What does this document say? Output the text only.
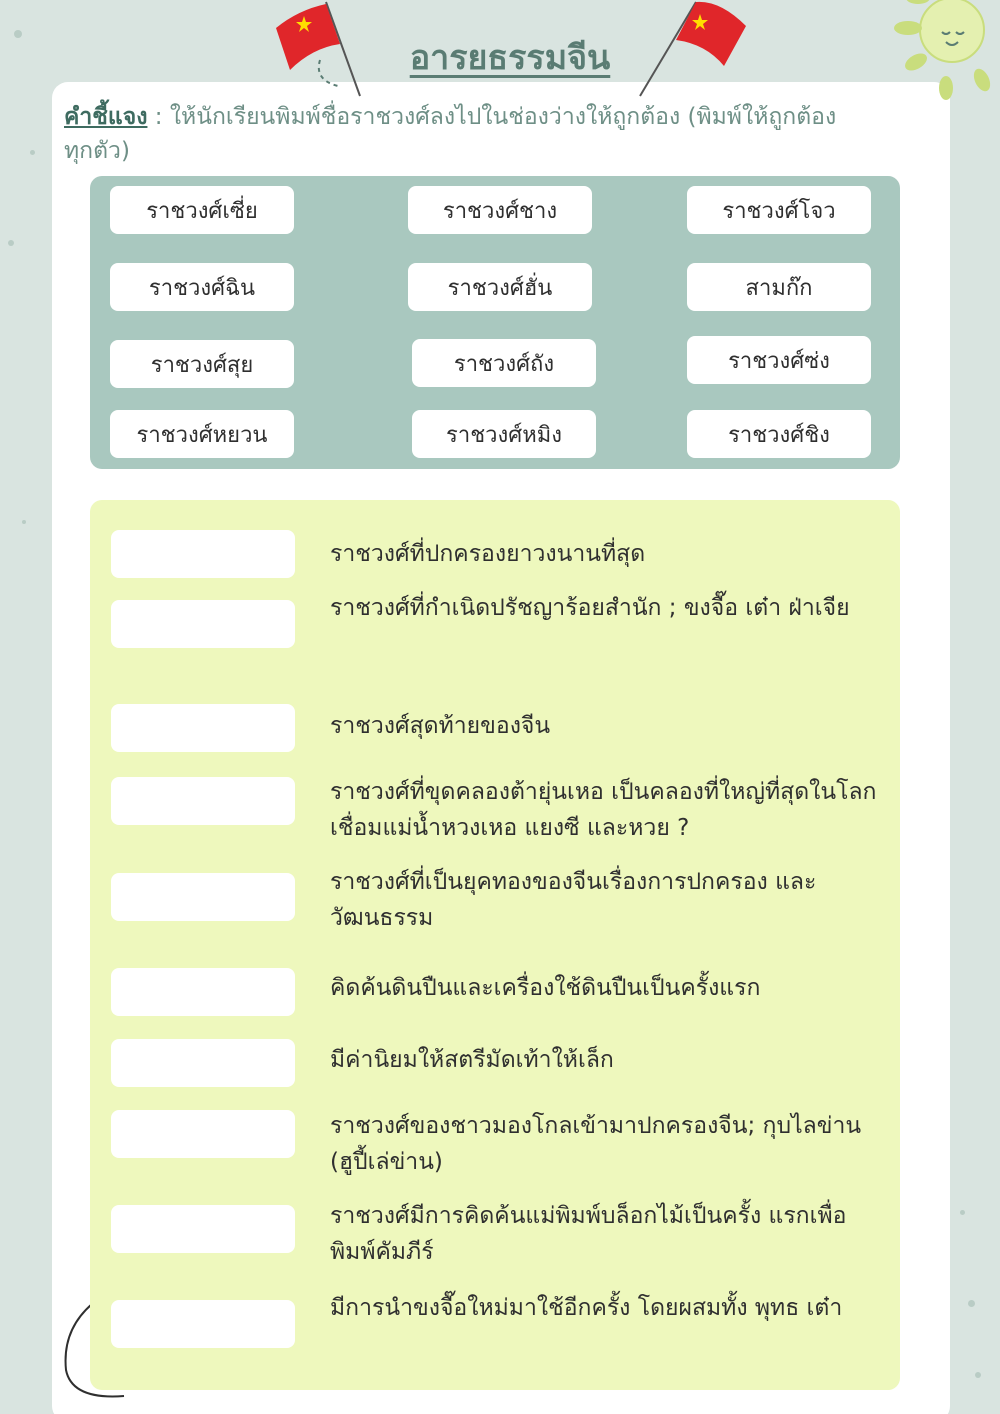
อารยธรรมจีน
คำชี้แจง : ให้นักเรียนพิมพ์ชื่อราชวงศ์ลงไปในช่องว่างให้ถูกต้อง (พิมพ์ให้ถูกต้องทุกตัว)
ราชวงศ์เซี่ย	ราชวงศ์ชาง	ราชวงศ์โจว
ราชวงศ์ฉิน	ราชวงศ์ฮั่น	สามก๊ก
ราชวงศ์สุย	ราชวงศ์ถัง	ราชวงศ์ซ่ง
ราชวงศ์หยวน	ราชวงศ์หมิง	ราชวงศ์ชิง
ราชวงศ์ที่ปกครองยาวงนานที่สุด
ราชวงศ์ที่กำเนิดปรัชญาร้อยสำนัก ; ขงจื๊อ เต๋า ฝ่าเจีย
ราชวงศ์สุดท้ายของจีน
ราชวงศ์ที่ขุดคลองต้ายุ่นเหอ เป็นคลองที่ใหญ่ที่สุดในโลกเชื่อมแม่น้ำหวงเหอ แยงซี และหวย ?
ราชวงศ์ที่เป็นยุคทองของจีนเรื่องการปกครอง และวัฒนธรรม
คิดค้นดินปืนและเครื่องใช้ดินปืนเป็นครั้งแรก
มีค่านิยมให้สตรีมัดเท้าให้เล็ก
ราชวงศ์ของชาวมองโกลเข้ามาปกครองจีน; กุบไลข่าน (ฮูปี้เล่ข่าน)
ราชวงศ์มีการคิดค้นแม่พิมพ์บล็อกไม้เป็นครั้ง แรกเพื่อพิมพ์คัมภีร์
มีการนำขงจื๊อใหม่มาใช้อีกครั้ง โดยผสมทั้ง พุทธ เต๋า
